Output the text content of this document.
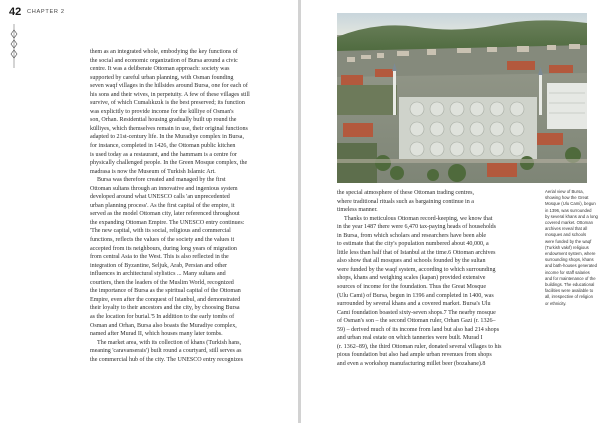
42 CHAPTER 2
them as an integrated whole, embodying the key functions of
the social and economic organization of Bursa around a civic
centre. It was a deliberate Ottoman approach: society was
supported by careful urban planning, with Osman founding
seven waqf villages in the hillsides around Bursa, one for each of
his sons and their wives, in perpetuity. A few of these villages still
survive, of which Cumalıkızık is the best preserved; its function
was explicitly to provide income for the külliye of Osman's
son, Orhan. Residential housing gradually built up round the
külliyes, which themselves remain in use, their original functions
adapted to 21st-century life. In the Muradiye complex in Bursa,
for instance, completed in 1426, the Ottoman public kitchen
is used today as a restaurant, and the hammam is a centre for
physically challenged people. In the Green Mosque complex, the
madrasa is now the Museum of Turkish Islamic Art.
Bursa was therefore created and managed by the first
Ottoman sultans through an innovative and ingenious system
developed around what UNESCO calls 'an unprecedented
urban planning process'. As the first capital of the empire, it
served as the model Ottoman city, later referenced throughout
the expanding Ottoman Empire. The UNESCO entry continues:
'The new capital, with its social, religious and commercial
functions, reflects the values of the society and the values it
accepted from its neighbours, during long years of migration
from central Asia to the West. This is also reflected in the
integration of Byzantine, Seljuk, Arab, Persian and other
influences in architectural stylistics ... Many sultans and
courtiers, then the leaders of the Muslim World, recognized
the importance of Bursa as the spiritual capital of the Ottoman
Empire, even after the conquest of Istanbul, and demonstrated
their loyalty to their ancestors and the city, by choosing Bursa
as the location for burial.'5 In addition to the early tombs of
Osman and Orhan, Bursa also boasts the Muradiye complex,
named after Murad II, which houses many later tombs.
The market area, with its collection of khans (Turkish hans,
meaning 'caravanserais') built round a courtyard, still serves as
the commercial hub of the city. The UNESCO entry recognizes
the special atmosphere of these Ottoman trading centres,
where traditional rituals such as bargaining continue in a
timeless manner.
Thanks to meticulous Ottoman record-keeping, we know that
in the year 1487 there were 6,470 tax-paying heads of households
in Bursa, from which scholars and researchers have been able
to estimate that the city's population numbered about 40,000, a
little less than half that of Istanbul at the time.6 Ottoman archives
also show that all mosques and schools founded by the sultan
were funded by the waqf system, according to which surrounding
shops, khans and weighing scales (kapan) provided extensive
sources of income for the foundation. Thus the Great Mosque
(Ulu Cami) of Bursa, begun in 1396 and completed in 1400, was
surrounded by several khans and a covered market. Bursa's Ulu
Cami foundation boasted sixty-seven shops.7 The nearby mosque
of Osman's son – the second Ottoman ruler, Orhan Gazi (r. 1326–
59) – derived much of its income from land but also had 214 shops
and urban real estate on which tanneries were built. Murad I
(r. 1362–89), the third Ottoman ruler, donated several villages to his
pious foundation but also had ample urban revenues from shops
and even a workshop manufacturing millet beer (bozahane).8
Aerial view of Bursa,
showing how the Great
Mosque (Ulu Cami), begun
in 1396, was surrounded
by several khans and a long
covered market. Ottoman
archives reveal that all
mosques and schools
were funded by the waqf
(Turkish vakıf) religious
endowment system, where
surrounding shops, khans
and bath-houses generated
income for staff salaries
and for maintenance of the
buildings. The educational
facilities were available to
all, irrespective of religion
or ethnicity.
